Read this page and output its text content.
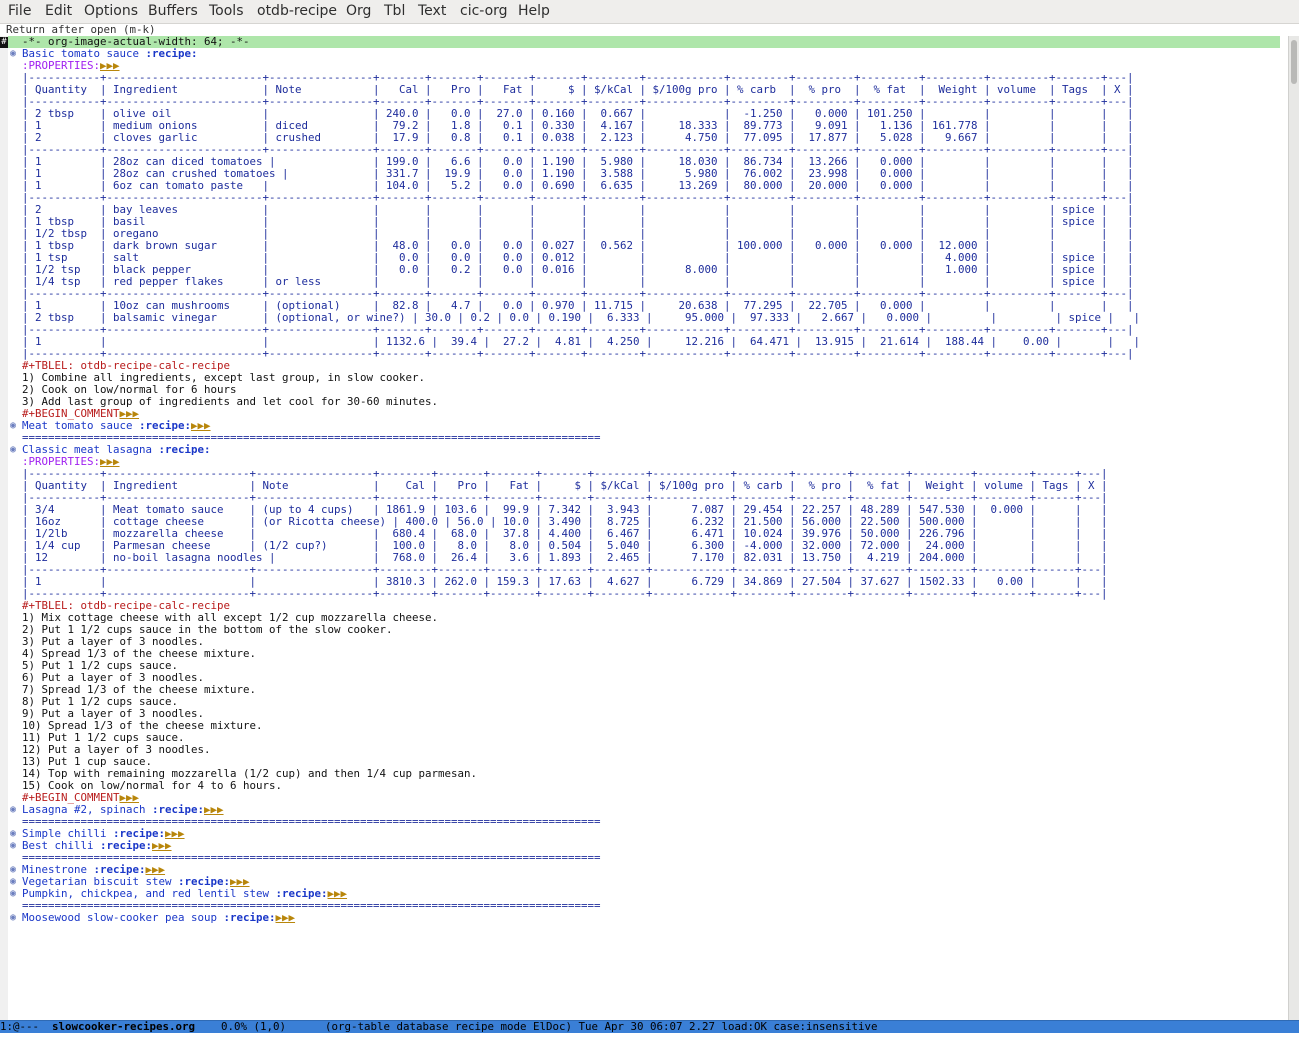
File Edit Options Buffers Tools otdb-recipe Org Tbl Text cic-org Help
Return after open (m-k)
#	-*- org-image-actual-width: 64; -*-
◉ Basic tomato sauce :recipe:
:PROPERTIES:▶▶▶
|-----------+------------------------+----------------+-------+-------+-------+-------+--------+------------+---------+---------+---------+---------+---------+-------+---|
| Quantity  | Ingredient             | Note           |   Cal |   Pro |   Fat |     $ | $/kCal | $/100g pro | % carb  |  % pro  |  % fat  |  Weight | volume  | Tags  | X |
|-----------+------------------------+----------------+-------+-------+-------+-------+--------+------------+---------+---------+---------+---------+---------+-------+---|
| 2 tbsp    | olive oil              |                | 240.0 |   0.0 |  27.0 | 0.160 |  0.667 |            |  -1.250 |   0.000 | 101.250 |         |         |       |   |
| 1         | medium onions          | diced          |  79.2 |   1.8 |   0.1 | 0.330 |  4.167 |     18.333 |  89.773 |   9.091 |   1.136 | 161.778 |         |       |   |
| 2         | cloves garlic          | crushed        |  17.9 |   0.8 |   0.1 | 0.038 |  2.123 |      4.750 |  77.095 |  17.877 |   5.028 |   9.667 |         |       |   |
|-----------+------------------------+----------------+-------+-------+-------+-------+--------+------------+---------+---------+---------+---------+---------+-------+---|
| 1         | 28oz can diced tomatoes |               | 199.0 |   6.6 |   0.0 | 1.190 |  5.980 |     18.030 |  86.734 |  13.266 |   0.000 |         |         |       |   |
| 1         | 28oz can crushed tomatoes |             | 331.7 |  19.9 |   0.0 | 1.190 |  3.588 |      5.980 |  76.002 |  23.998 |   0.000 |         |         |       |   |
| 1         | 6oz can tomato paste   |                | 104.0 |   5.2 |   0.0 | 0.690 |  6.635 |     13.269 |  80.000 |  20.000 |   0.000 |         |         |       |   |
|-----------+------------------------+----------------+-------+-------+-------+-------+--------+------------+---------+---------+---------+---------+---------+-------+---|
| 2         | bay leaves             |                |       |       |       |       |        |            |         |         |         |         |         | spice |   |
| 1 tbsp    | basil                  |                |       |       |       |       |        |            |         |         |         |         |         | spice |   |
| 1/2 tbsp  | oregano                |                |       |       |       |       |        |            |         |         |         |         |         |       |   |
| 1 tbsp    | dark brown sugar       |                |  48.0 |   0.0 |   0.0 | 0.027 |  0.562 |            | 100.000 |   0.000 |   0.000 |  12.000 |         |       |   |
| 1 tsp     | salt                   |                |   0.0 |   0.0 |   0.0 | 0.012 |        |            |         |         |         |   4.000 |         | spice |   |
| 1/2 tsp   | black pepper           |                |   0.0 |   0.2 |   0.0 | 0.016 |        |      8.000 |         |         |         |   1.000 |         | spice |   |
| 1/4 tsp   | red pepper flakes      | or less        |       |       |       |       |        |            |         |         |         |         |         | spice |   |
|-----------+------------------------+----------------+-------+-------+-------+-------+--------+------------+---------+---------+---------+---------+---------+-------+---|
| 1         | 10oz can mushrooms     | (optional)     |  82.8 |   4.7 |   0.0 | 0.970 | 11.715 |     20.638 |  77.295 |  22.705 |   0.000 |         |         |       |   |
| 2 tbsp    | balsamic vinegar       | (optional, or wine?) | 30.0 | 0.2 | 0.0 | 0.190 |  6.333 |     95.000 |  97.333 |   2.667 |   0.000 |         |         | spice |   |
|-----------+------------------------+----------------+-------+-------+-------+-------+--------+------------+---------+---------+---------+---------+---------+-------+---|
| 1         |                        |                | 1132.6 |  39.4 |  27.2 |  4.81 |  4.250 |     12.216 |  64.471 |  13.915 |  21.614 |  188.44 |    0.00 |       |   |
|-----------+------------------------+----------------+-------+-------+-------+-------+--------+------------+---------+---------+---------+---------+---------+-------+---|
#+TBLEL: otdb-recipe-calc-recipe
1) Combine all ingredients, except last group, in slow cooker.
2) Cook on low/normal for 6 hours
3) Add last group of ingredients and let cool for 30-60 minutes.
#+BEGIN_COMMENT▶▶▶
◉ Meat tomato sauce :recipe:▶▶▶
=========================================================================================
◉ Classic meat lasagna :recipe:
:PROPERTIES:▶▶▶
|-----------+----------------------+------------------+--------+-------+-------+-------+--------+------------+--------+--------+--------+---------+--------+------+---|
| Quantity  | Ingredient           | Note             |    Cal |   Pro |   Fat |     $ | $/kCal | $/100g pro | % carb |  % pro |  % fat |  Weight | volume | Tags | X |
|-----------+----------------------+------------------+--------+-------+-------+-------+--------+------------+--------+--------+--------+---------+--------+------+---|
| 3/4       | Meat tomato sauce    | (up to 4 cups)   | 1861.9 | 103.6 |  99.9 | 7.342 |  3.943 |      7.087 | 29.454 | 22.257 | 48.289 | 547.530 |  0.000 |      |   |
| 16oz      | cottage cheese       | (or Ricotta cheese) | 400.0 | 56.0 | 10.0 | 3.490 |  8.725 |      6.232 | 21.500 | 56.000 | 22.500 | 500.000 |        |      |   |
| 1/2lb     | mozzarella cheese    |                  |  680.4 |  68.0 |  37.8 | 4.400 |  6.467 |      6.471 | 10.024 | 39.976 | 50.000 | 226.796 |        |      |   |
| 1/4 cup   | Parmesan cheese      | (1/2 cup?)       |  100.0 |   8.0 |   8.0 | 0.504 |  5.040 |      6.300 | -4.000 | 32.000 | 72.000 |  24.000 |        |      |   |
| 12        | no-boil lasagna noodles |               |  768.0 |  26.4 |   3.6 | 1.893 |  2.465 |      7.170 | 82.031 | 13.750 |  4.219 | 204.000 |        |      |   |
|-----------+----------------------+------------------+--------+-------+-------+-------+--------+------------+--------+--------+--------+---------+--------+------+---|
| 1         |                      |                  | 3810.3 | 262.0 | 159.3 | 17.63 |  4.627 |      6.729 | 34.869 | 27.504 | 37.627 | 1502.33 |   0.00 |      |   |
|-----------+----------------------+------------------+--------+-------+-------+-------+--------+------------+--------+--------+--------+---------+--------+------+---|
#+TBLEL: otdb-recipe-calc-recipe
1) Mix cottage cheese with all except 1/2 cup mozzarella cheese.
2) Put 1 1/2 cups sauce in the bottom of the slow cooker.
3) Put a layer of 3 noodles.
4) Spread 1/3 of the cheese mixture.
5) Put 1 1/2 cups sauce.
6) Put a layer of 3 noodles.
7) Spread 1/3 of the cheese mixture.
8) Put 1 1/2 cups sauce.
9) Put a layer of 3 noodles.
10) Spread 1/3 of the cheese mixture.
11) Put 1 1/2 cups sauce.
12) Put a layer of 3 noodles.
13) Put 1 cup sauce.
14) Top with remaining mozzarella (1/2 cup) and then 1/4 cup parmesan.
15) Cook on low/normal for 4 to 6 hours.
#+BEGIN_COMMENT▶▶▶
◉ Lasagna #2, spinach :recipe:▶▶▶
=========================================================================================
◉ Simple chilli :recipe:▶▶▶
◉ Best chilli :recipe:▶▶▶
=========================================================================================
◉ Minestrone :recipe:▶▶▶
◉ Vegetarian biscuit stew :recipe:▶▶▶
◉ Pumpkin, chickpea, and red lentil stew :recipe:▶▶▶
=========================================================================================
◉ Moosewood slow-cooker pea soup :recipe:▶▶▶
1:@---  slowcooker-recipes.org    0.0% (1,0)      (org-table database recipe mode ElDoc) Tue Apr 30 06:07 2.27 load:OK case:insensitive
